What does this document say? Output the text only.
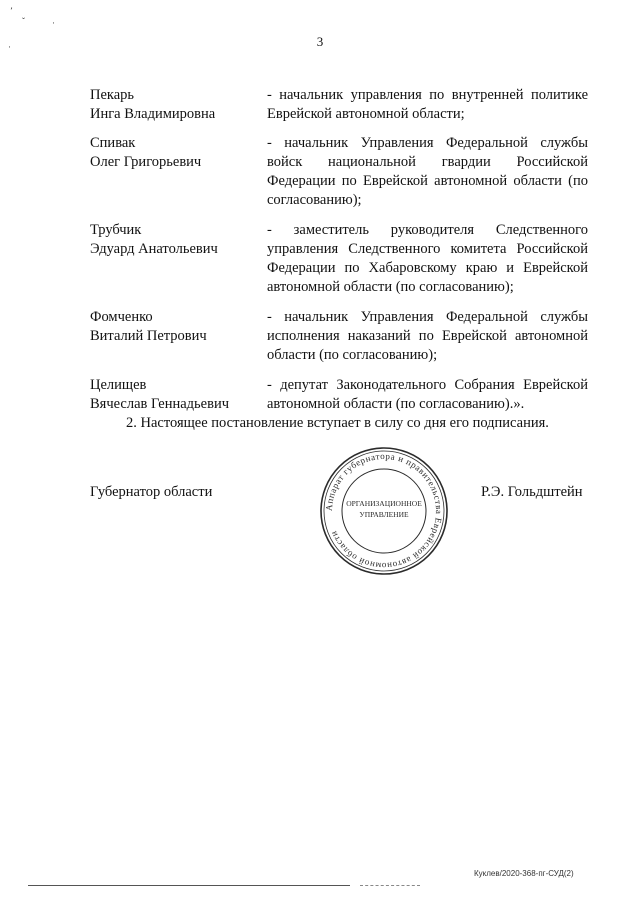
3
Пекарь
Инга Владимировна
- начальник управления по внутренней политике Еврейской автономной области;
Спивак
Олег Григорьевич
- начальник Управления Федеральной службы войск национальной гвардии Российской Федерации по Еврейской автономной области (по согласованию);
Трубчик
Эдуард Анатольевич
- заместитель руководителя Следственного управления Следственного комитета Российской Федерации по Хабаровскому краю и Еврейской автономной области (по согласованию);
Фомченко
Виталий Петрович
- начальник Управления Федеральной службы исполнения наказаний по Еврейской автономной области (по согласованию);
Целищев
Вячеслав Геннадьевич
- депутат Законодательного Собрания Еврейской автономной области (по согласованию).».
2. Настоящее постановление вступает в силу со дня его подписания.
Губернатор области
Аппарат губернатора и правительства Еврейской автономной области
ОРГАНИЗАЦИОННОЕ
УПРАВЛЕНИЕ
Р.Э. Гольдштейн
Куклев/2020-368-пг-СУД(2)
٬
ˇ	·
·
